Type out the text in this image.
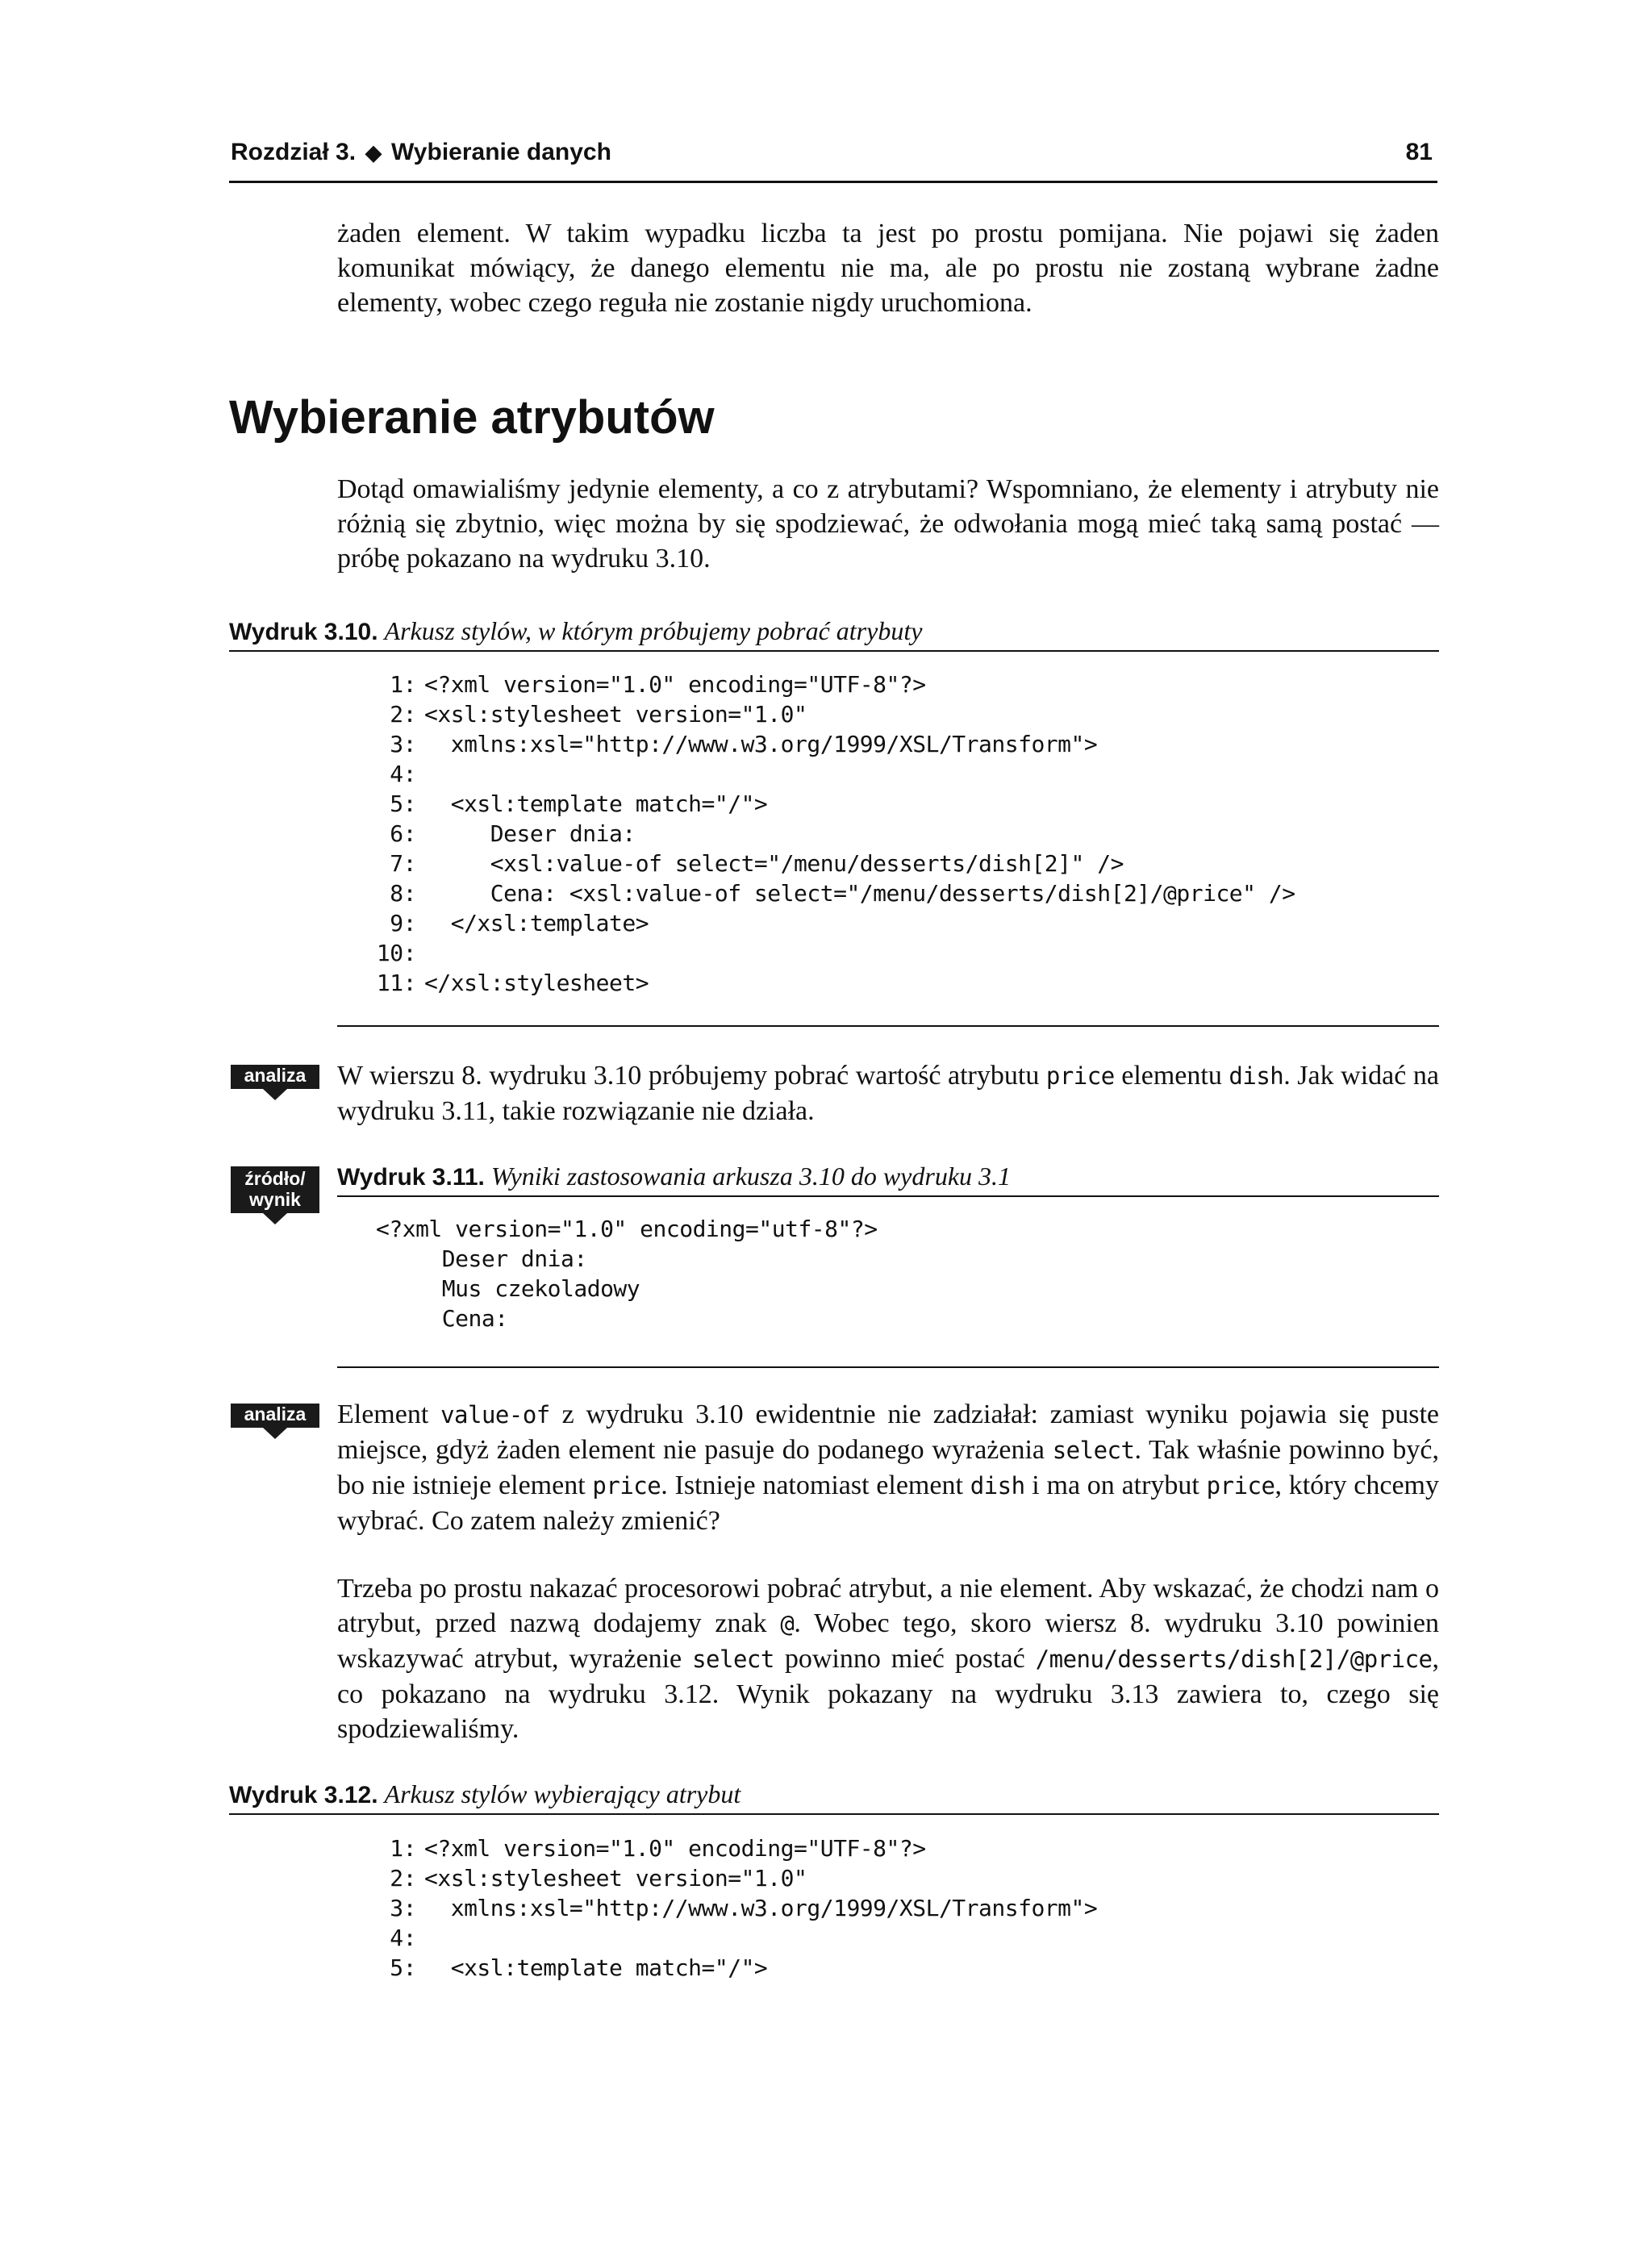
Rozdział 3. ◆ Wybieranie danych	81

żaden element. W takim wypadku liczba ta jest po prostu pomijana. Nie pojawi się żaden komunikat mówiący, że danego elementu nie ma, ale po prostu nie zostaną wybrane żadne elementy, wobec czego reguła nie zostanie nigdy uruchomiona.

Wybieranie atrybutów

Dotąd omawialiśmy jedynie elementy, a co z atrybutami? Wspomniano, że elementy i atrybuty nie różnią się zbytnio, więc można by się spodziewać, że odwołania mogą mieć taką samą postać — próbę pokazano na wydruku 3.10.

Wydruk 3.10. Arkusz stylów, w którym próbujemy pobrać atrybuty
1: <?xml version="1.0" encoding="UTF-8"?>
2: <xsl:stylesheet version="1.0"
3:  xmlns:xsl="http://www.w3.org/1999/XSL/Transform">
4:
5:  <xsl:template match="/">
6:     Deser dnia:
7:     <xsl:value-of select="/menu/desserts/dish[2]" />
8:     Cena: <xsl:value-of select="/menu/desserts/dish[2]/@price" />
9:  </xsl:template>
10:
11: </xsl:stylesheet>
analiza	W wierszu 8. wydruku 3.10 próbujemy pobrać wartość atrybutu price elementu dish. Jak widać na wydruku 3.11, takie rozwiązanie nie działa.

źródło/
wynik
Wydruk 3.11. Wyniki zastosowania arkusza 3.10 do wydruku 3.1
<?xml version="1.0" encoding="utf-8"?>
Deser dnia:
Mus czekoladowy
Cena:
analiza	Element value-of z wydruku 3.10 ewidentnie nie zadziałał: zamiast wyniku pojawia się puste miejsce, gdyż żaden element nie pasuje do podanego wyrażenia select. Tak właśnie powinno być, bo nie istnieje element price. Istnieje natomiast element dish i ma on atrybut price, który chcemy wybrać. Co zatem należy zmienić?

Trzeba po prostu nakazać procesorowi pobrać atrybut, a nie element. Aby wskazać, że chodzi nam o atrybut, przed nazwą dodajemy znak @. Wobec tego, skoro wiersz 8. wydruku 3.10 powinien wskazywać atrybut, wyrażenie select powinno mieć postać /menu/desserts/dish[2]/@price, co pokazano na wydruku 3.12. Wynik pokazany na wydruku 3.13 zawiera to, czego się spodziewaliśmy.

Wydruk 3.12. Arkusz stylów wybierający atrybut
1: <?xml version="1.0" encoding="UTF-8"?>
2: <xsl:stylesheet version="1.0"
3:  xmlns:xsl="http://www.w3.org/1999/XSL/Transform">
4:
5:  <xsl:template match="/">
